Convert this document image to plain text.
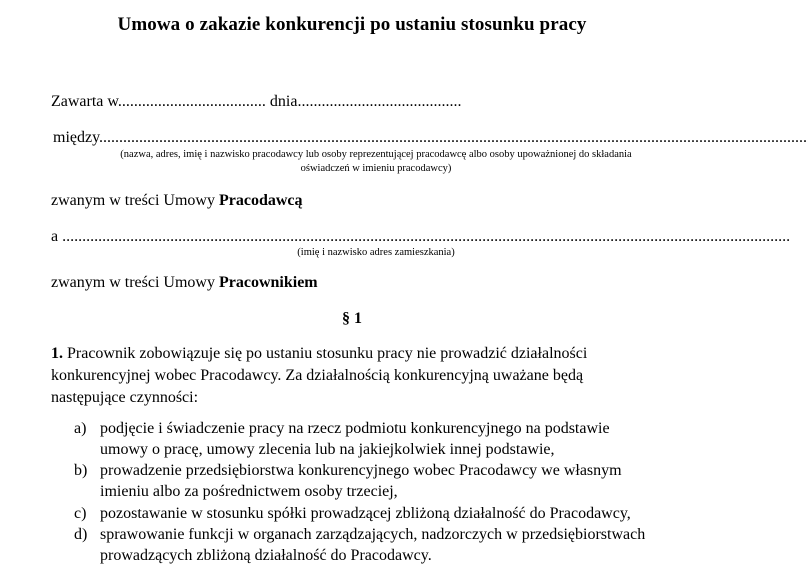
Umowa o zakazie konkurencji po ustaniu stosunku pracy
Zawarta w..................................... dnia.........................................
między.................................................................................................................................................................................
(nazwa, adres, imię i nazwisko pracodawcy lub osoby reprezentującej pracodawcę albo osoby upoważnionej do składania
oświadczeń w imieniu pracodawcy)
zwanym w treści Umowy Pracodawcą
a ......................................................................................................................................................................................
(imię i nazwisko adres zamieszkania)
zwanym w treści Umowy Pracownikiem
§ 1
1. Pracownik zobowiązuje się po ustaniu stosunku pracy nie prowadzić działalności
konkurencyjnej wobec Pracodawcy. Za działalnością konkurencyjną uważane będą
następujące czynności:
a) podjęcie i świadczenie pracy na rzecz podmiotu konkurencyjnego na podstawie
umowy o pracę, umowy zlecenia lub na jakiejkolwiek innej podstawie,
b) prowadzenie przedsiębiorstwa konkurencyjnego wobec Pracodawcy we własnym
imieniu albo za pośrednictwem osoby trzeciej,
c) pozostawanie w stosunku spółki prowadzącej zbliżoną działalność do Pracodawcy,
d) sprawowanie funkcji w organach zarządzających, nadzorczych w przedsiębiorstwach
prowadzących zbliżoną działalność do Pracodawcy.
